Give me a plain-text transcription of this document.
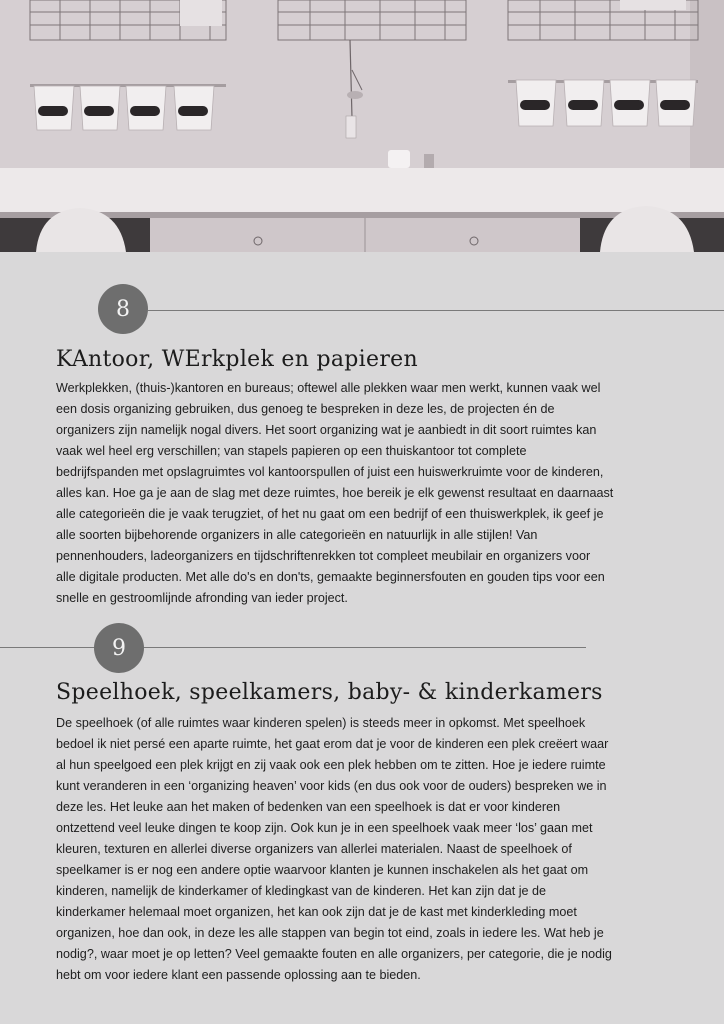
8
KAntoor, WErkplek en papieren
Werkplekken, (thuis-)kantoren en bureaus; oftewel alle plekken waar men werkt, kunnen vaak wel
een dosis organizing gebruiken, dus genoeg te bespreken in deze les, de projecten én de
organizers zijn namelijk nogal divers. Het soort organizing wat je aanbiedt in dit soort ruimtes kan
vaak wel heel erg verschillen; van stapels papieren op een thuiskantoor tot complete
bedrijfspanden met opslagruimtes vol kantoorspullen of juist een huiswerkruimte voor de kinderen,
alles kan. Hoe ga je aan de slag met deze ruimtes, hoe bereik je elk gewenst resultaat en daarnaast
alle categorieën die je vaak terugziet, of het nu gaat om een bedrijf of een thuiswerkplek, ik geef je
alle soorten bijbehorende organizers in alle categorieën en natuurlijk in alle stijlen! Van
pennenhouders, ladeorganizers en tijdschriftenrekken tot compleet meubilair en organizers voor
alle digitale producten. Met alle do's en don'ts, gemaakte beginnersfouten en gouden tips voor een
snelle en gestroomlijnde afronding van ieder project.
9
Speelhoek, speelkamers, baby- & kinderkamers
De speelhoek (of alle ruimtes waar kinderen spelen) is steeds meer in opkomst. Met speelhoek
bedoel ik niet persé een aparte ruimte, het gaat erom dat je voor de kinderen een plek creëert waar
al hun speelgoed een plek krijgt en zij vaak ook een plek hebben om te zitten. Hoe je iedere ruimte
kunt veranderen in een ‘organizing heaven’ voor kids (en dus ook voor de ouders) bespreken we in
deze les. Het leuke aan het maken of bedenken van een speelhoek is dat er voor kinderen
ontzettend veel leuke dingen te koop zijn. Ook kun je in een speelhoek vaak meer ‘los’ gaan met
kleuren, texturen en allerlei diverse organizers van allerlei materialen. Naast de speelhoek of
speelkamer is er nog een andere optie waarvoor klanten je kunnen inschakelen als het gaat om
kinderen, namelijk de kinderkamer of kledingkast van de kinderen. Het kan zijn dat je de
kinderkamer helemaal moet organizen, het kan ook zijn dat je de kast met kinderkleding moet
organizen, hoe dan ook, in deze les alle stappen van begin tot eind, zoals in iedere les. Wat heb je
nodig?, waar moet je op letten? Veel gemaakte fouten en alle organizers, per categorie, die je nodig
hebt om voor iedere klant een passende oplossing aan te bieden.
